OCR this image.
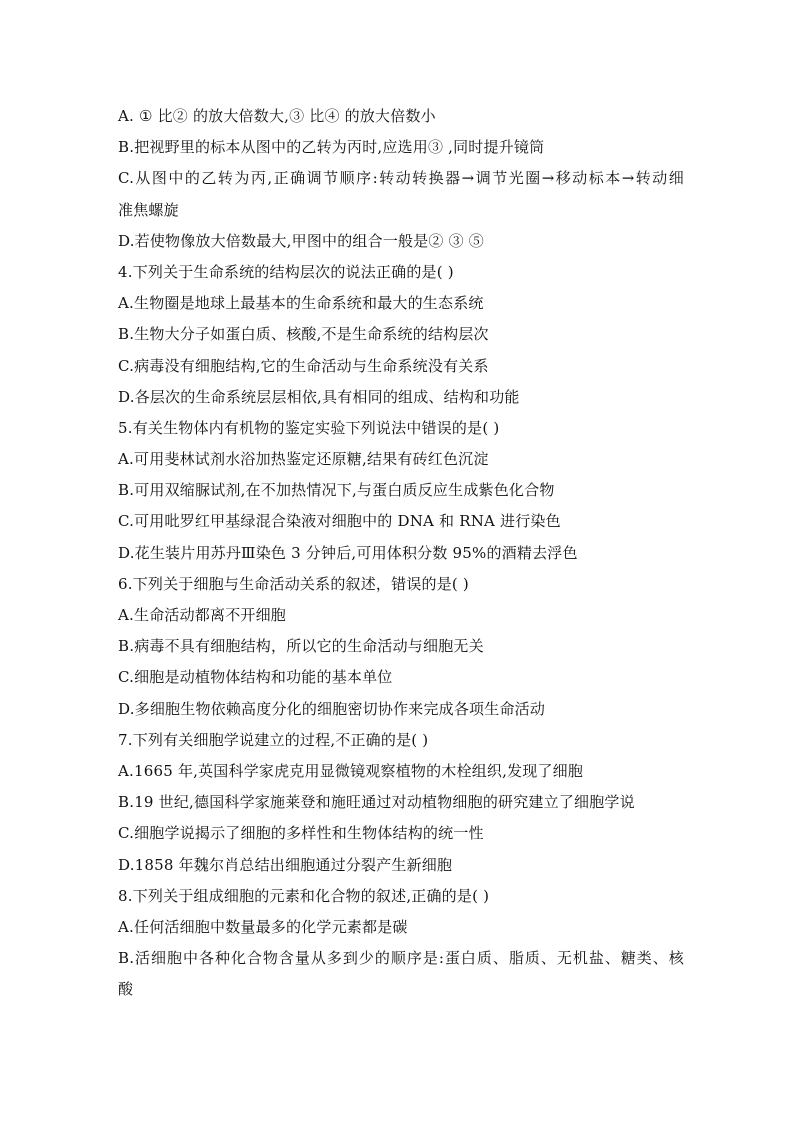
A. ① 比② 的放大倍数大,③ 比④ 的放大倍数小
B.把视野里的标本从图中的乙转为丙时,应选用③ ,同时提升镜筒
C.从图中的乙转为丙,正确调节顺序:转动转换器→调节光圈→移动标本→转动细
准焦螺旋
D.若使物像放大倍数最大,甲图中的组合一般是② ③ ⑤
4.下列关于生命系统的结构层次的说法正确的是( )
A.生物圈是地球上最基本的生命系统和最大的生态系统
B.生物大分子如蛋白质、核酸,不是生命系统的结构层次
C.病毒没有细胞结构,它的生命活动与生命系统没有关系
D.各层次的生命系统层层相依,具有相同的组成、结构和功能
5.有关生物体内有机物的鉴定实验下列说法中错误的是( )
A.可用斐林试剂水浴加热鉴定还原糖,结果有砖红色沉淀
B.可用双缩脲试剂,在不加热情况下,与蛋白质反应生成紫色化合物
C.可用吡罗红甲基绿混合染液对细胞中的 DNA 和 RNA 进行染色
D.花生装片用苏丹Ⅲ染色 3 分钟后,可用体积分数 95%的酒精去浮色
6.下列关于细胞与生命活动关系的叙述，错误的是( )
A.生命活动都离不开细胞
B.病毒不具有细胞结构，所以它的生命活动与细胞无关
C.细胞是动植物体结构和功能的基本单位
D.多细胞生物依赖高度分化的细胞密切协作来完成各项生命活动
7.下列有关细胞学说建立的过程,不正确的是( )
A.1665 年,英国科学家虎克用显微镜观察植物的木栓组织,发现了细胞
B.19 世纪,德国科学家施莱登和施旺通过对动植物细胞的研究建立了细胞学说
C.细胞学说揭示了细胞的多样性和生物体结构的统一性
D.1858 年魏尔肖总结出细胞通过分裂产生新细胞
8.下列关于组成细胞的元素和化合物的叙述,正确的是( )
A.任何活细胞中数量最多的化学元素都是碳
B.活细胞中各种化合物含量从多到少的顺序是:蛋白质、脂质、无机盐、糖类、核
酸
